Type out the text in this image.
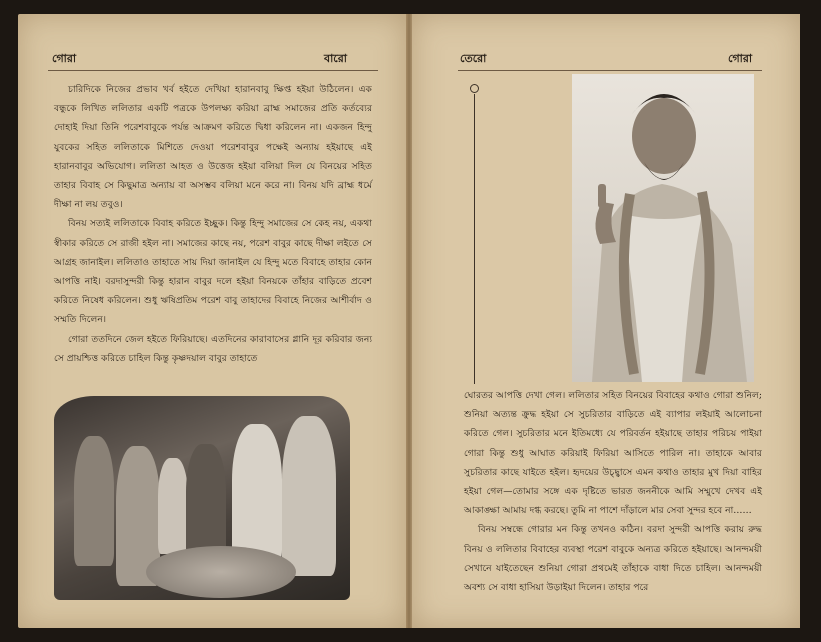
গোরা	বারো

চারিদিকে নিজের প্রভাব খর্ব হইতে দেখিয়া হারানবাবু ক্ষিপ্ত হইয়া উঠিলেন। এক বন্ধুকে লিখিত ললিতার একটি পত্রকে উপলক্ষ্য করিয়া ব্রাহ্ম সমাজের প্রতি কর্তব্যের দোহাই দিয়া তিনি পরেশবাবুকে পর্যন্ত আক্রমণ করিতে দ্বিধা করিলেন না। একজন হিন্দু যুবকের সহিত ললিতাকে মিশিতে দেওয়া পরেশবাবুর পক্ষেই অন্যায় হইয়াছে এই হারানবাবুর অভিযোগ। ললিতা আহত ও উত্তেজ হইয়া বলিয়া দিল যে বিনয়ের সহিত তাহার বিবাহ সে কিছুমাত্র অন্যায় বা অসম্ভব বলিয়া মনে করে না। বিনয় যদি ব্রাহ্ম ধর্মে দীক্ষা না লয় তবুও।

বিনয় সত্যই ললিতাকে বিবাহ করিতে ইচ্ছুক। কিন্তু হিন্দু সমাজের সে কেহ নয়, একথা স্বীকার করিতে সে রাজী হইল না। সমাজের কাছে নয়, পরেশ বাবুর কাছে দীক্ষা লইতে সে আগ্রহ জানাইল। ললিতাও তাহাতে সায় দিয়া জানাইল যে হিন্দু মতে বিবাহে তাহার কোন আপত্তি নাই। বরদাসুন্দরী কিন্তু হারান বাবুর দলে হইয়া বিনয়কে তাঁহার বাড়িতে প্রবেশ করিতে নিষেধ করিলেন। শুধু ঋষিপ্রতিম পরেশ বাবু তাহাদের বিবাহে নিজের আশীর্বাদ ও সম্মতি দিলেন।

গোরা ততদিনে জেল হইতে ফিরিয়াছে। এতদিনের কারাবাসের গ্লানি দূর করিবার জন্য সে প্রায়শ্চিত্ত করিতে চাহিল কিন্তু কৃষ্ণদয়াল বাবুর তাহাতে

তেরো	গোরা

ঘোরতর আপত্তি দেখা গেল। ললিতার সহিত বিনয়ের বিবাহের কথাও গোরা শুনিল; শুনিয়া অত্যন্ত ক্রুদ্ধ হইয়া সে সুচরিতার বাড়িতে এই ব্যাপার লইয়াই আলোচনা করিতে গেল। সুচরিতার মনে ইতিমধ্যে যে পরিবর্তন হইয়াছে তাহার পরিচয় পাইয়া গোরা কিন্তু শুধু আঘাত করিয়াই ফিরিয়া আসিতে পারিল না। তাহাকে আবার সুচরিতার কাছে যাইতে হইল। হৃদয়ের উচ্ছ্বাসে এমন কথাও তাহার মুখ দিয়া বাহির হইয়া গেল—তোমার সঙ্গে এক দৃষ্টিতে ভারত জননীকে আমি সম্মুখে দেখব এই আকাঙ্ক্ষা আমায় দগ্ধ করছে। তুমি না পাশে দাঁড়ালে মার সেবা সুন্দর হবে না……

বিনয় সম্বন্ধে গোরার মন কিন্তু তখনও কঠিন। বরদা সুন্দরী আপত্তি করায় রুদ্ধ বিনয় ও ললিতার বিবাহের ব্যবস্থা পরেশ বাবুকে অন্যত্র করিতে হইয়াছে। আনন্দময়ী সেখানে যাইতেছেন শুনিয়া গোরা প্রথমেই তাঁহাকে বাধা দিতে চাহিল। আনন্দময়ী অবশ্য সে বাধা হাসিয়া উড়াইয়া দিলেন। তাহার পরে
